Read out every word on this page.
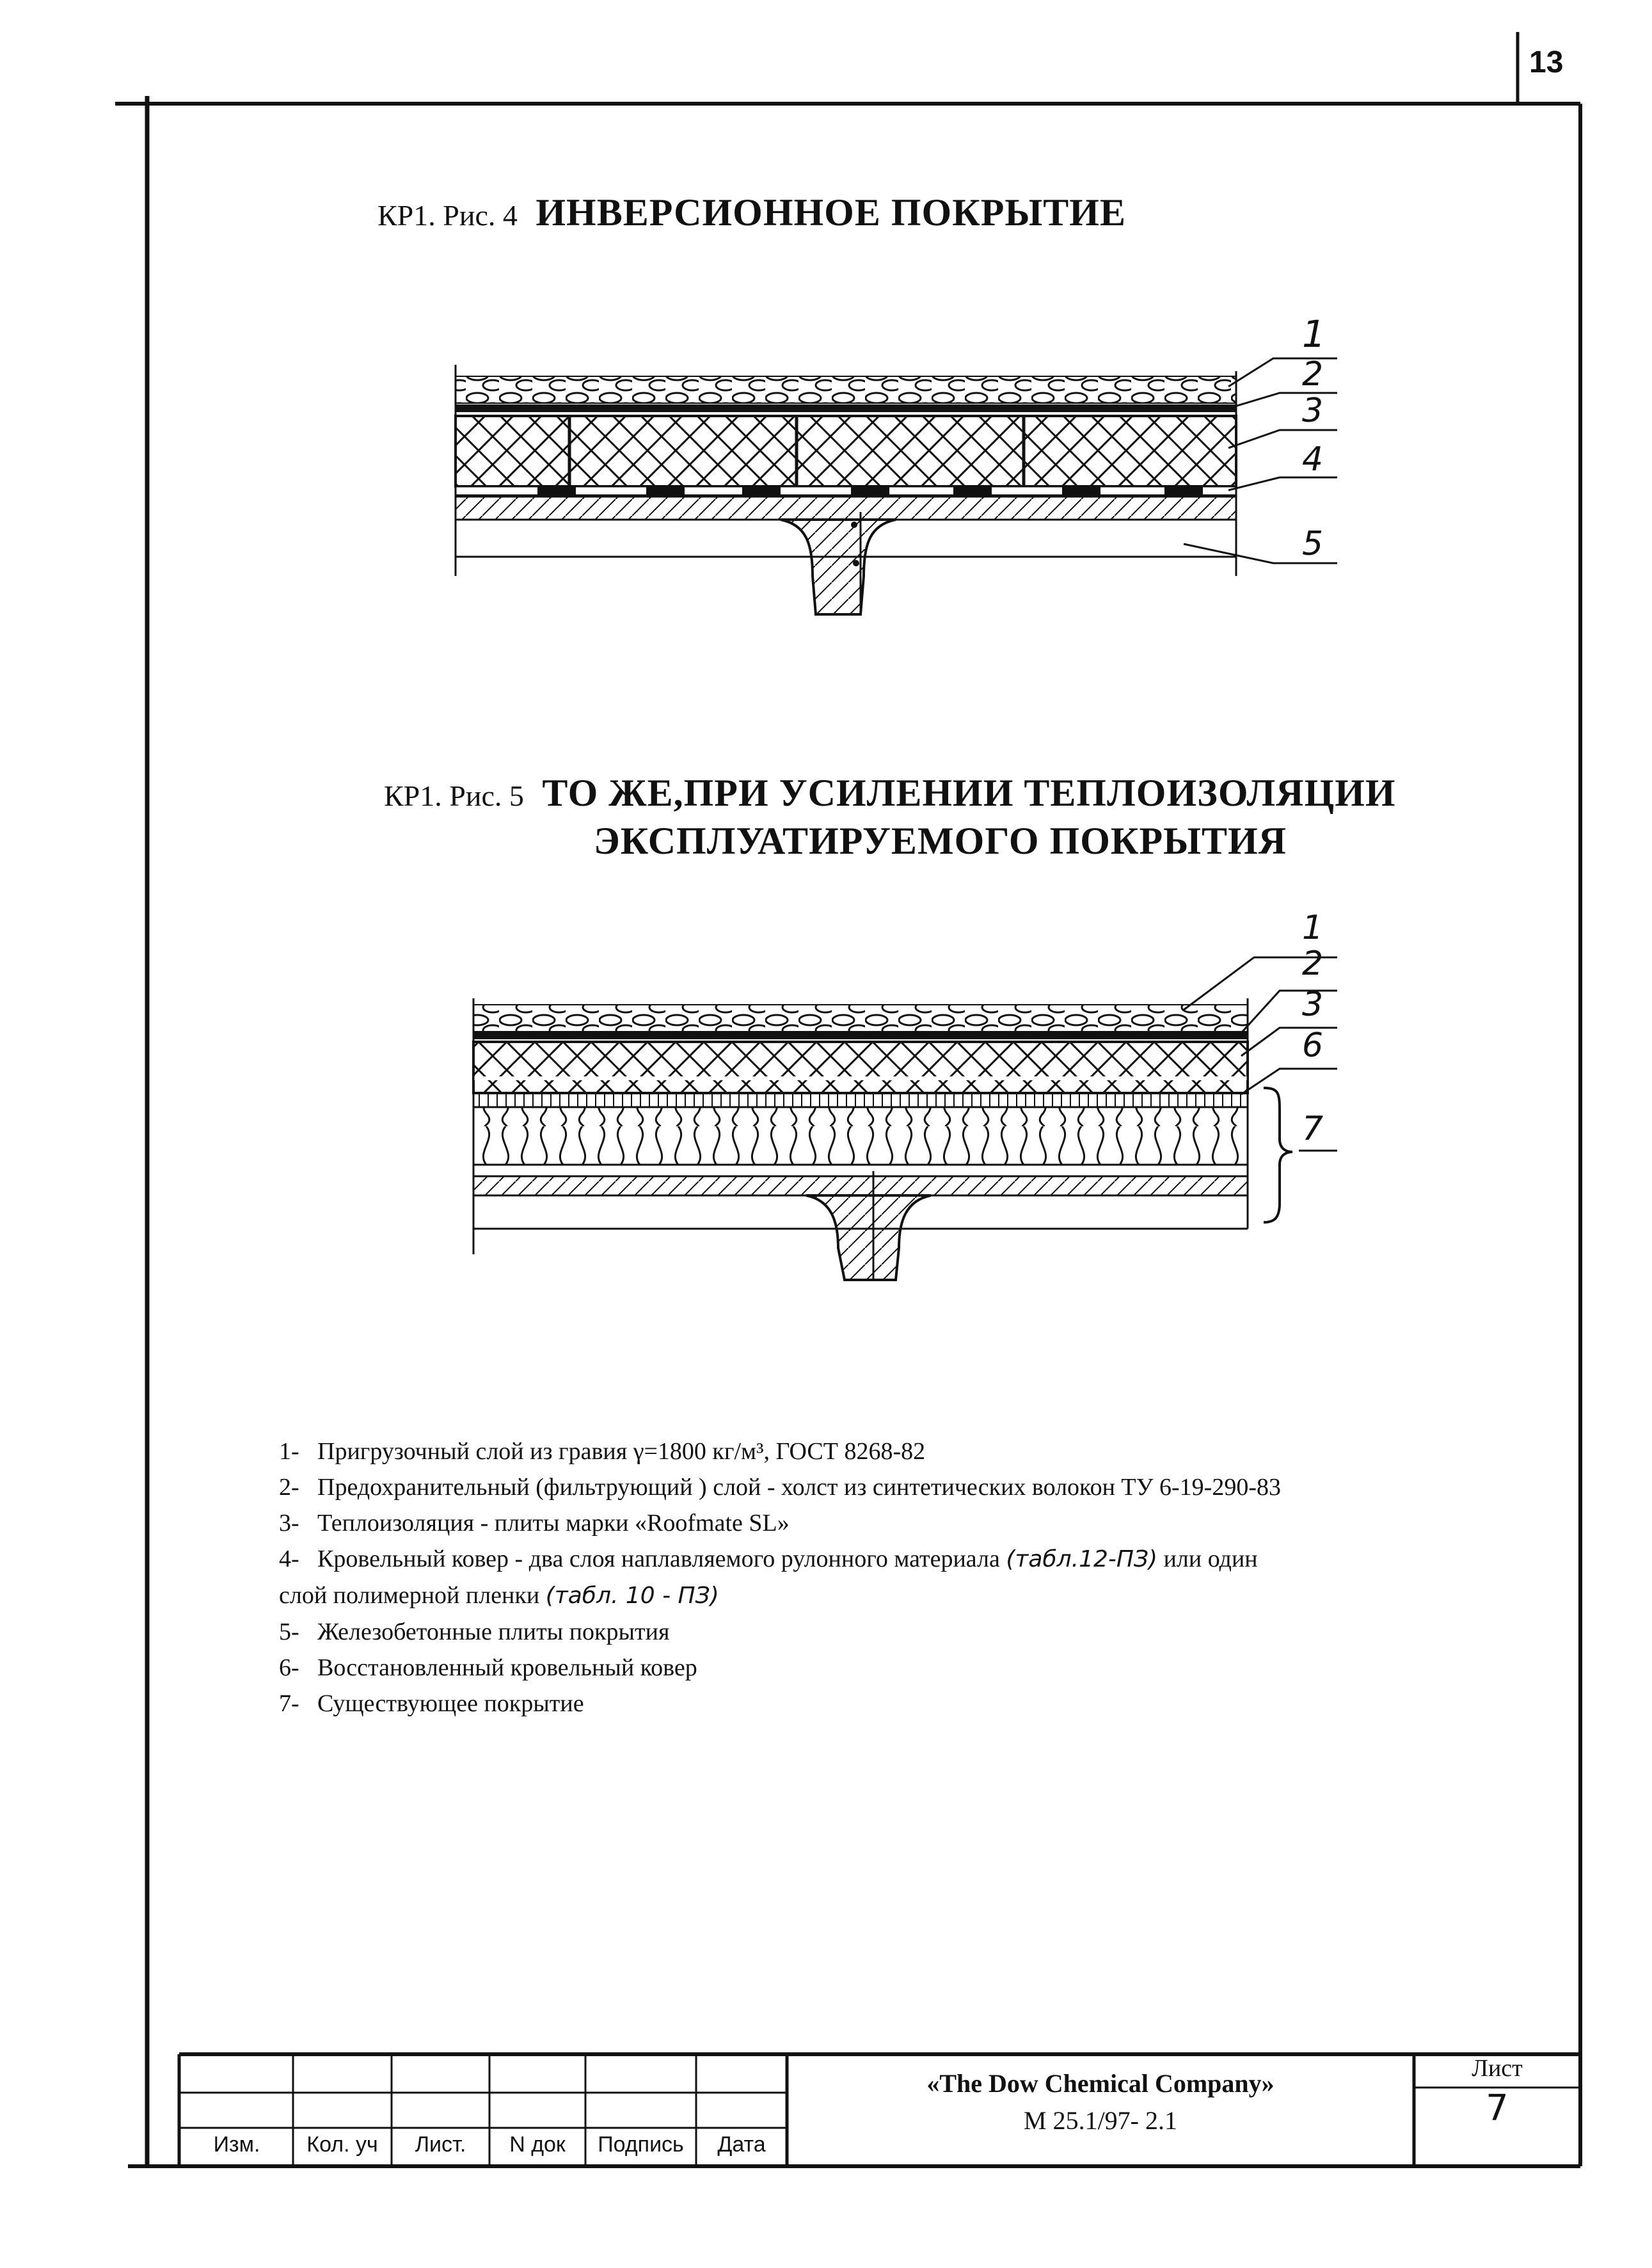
13
КР1. Рис. 4 ИНВЕРСИОННОЕ ПОКРЫТИЕ
1
2
3
4
5
КР1. Рис. 5 ТО ЖЕ,ПРИ УСИЛЕНИИ ТЕПЛОИЗОЛЯЦИИ
ЭКСПЛУАТИРУЕМОГО ПОКРЫТИЯ
1
2
3
6
7
1- Пригрузочный слой из гравия γ=1800 кг/м³, ГОСТ 8268-82
2- Предохранительный (фильтрующий ) слой - холст из синтетических волокон ТУ 6-19-290-83
3- Теплоизоляция - плиты марки «Roofmate SL»
4- Кровельный ковер - два слоя наплавляемого рулонного материала (табл.12-ПЗ) или один
слой полимерной пленки (табл. 10 - ПЗ)
5- Железобетонные плиты покрытия
6- Восстановленный кровельный ковер
7- Существующее покрытие
Изм.	Кол. уч	Лист.	N док	Подпись	Дата
«The Dow Chemical Company»
М 25.1/97- 2.1
Лист
7
